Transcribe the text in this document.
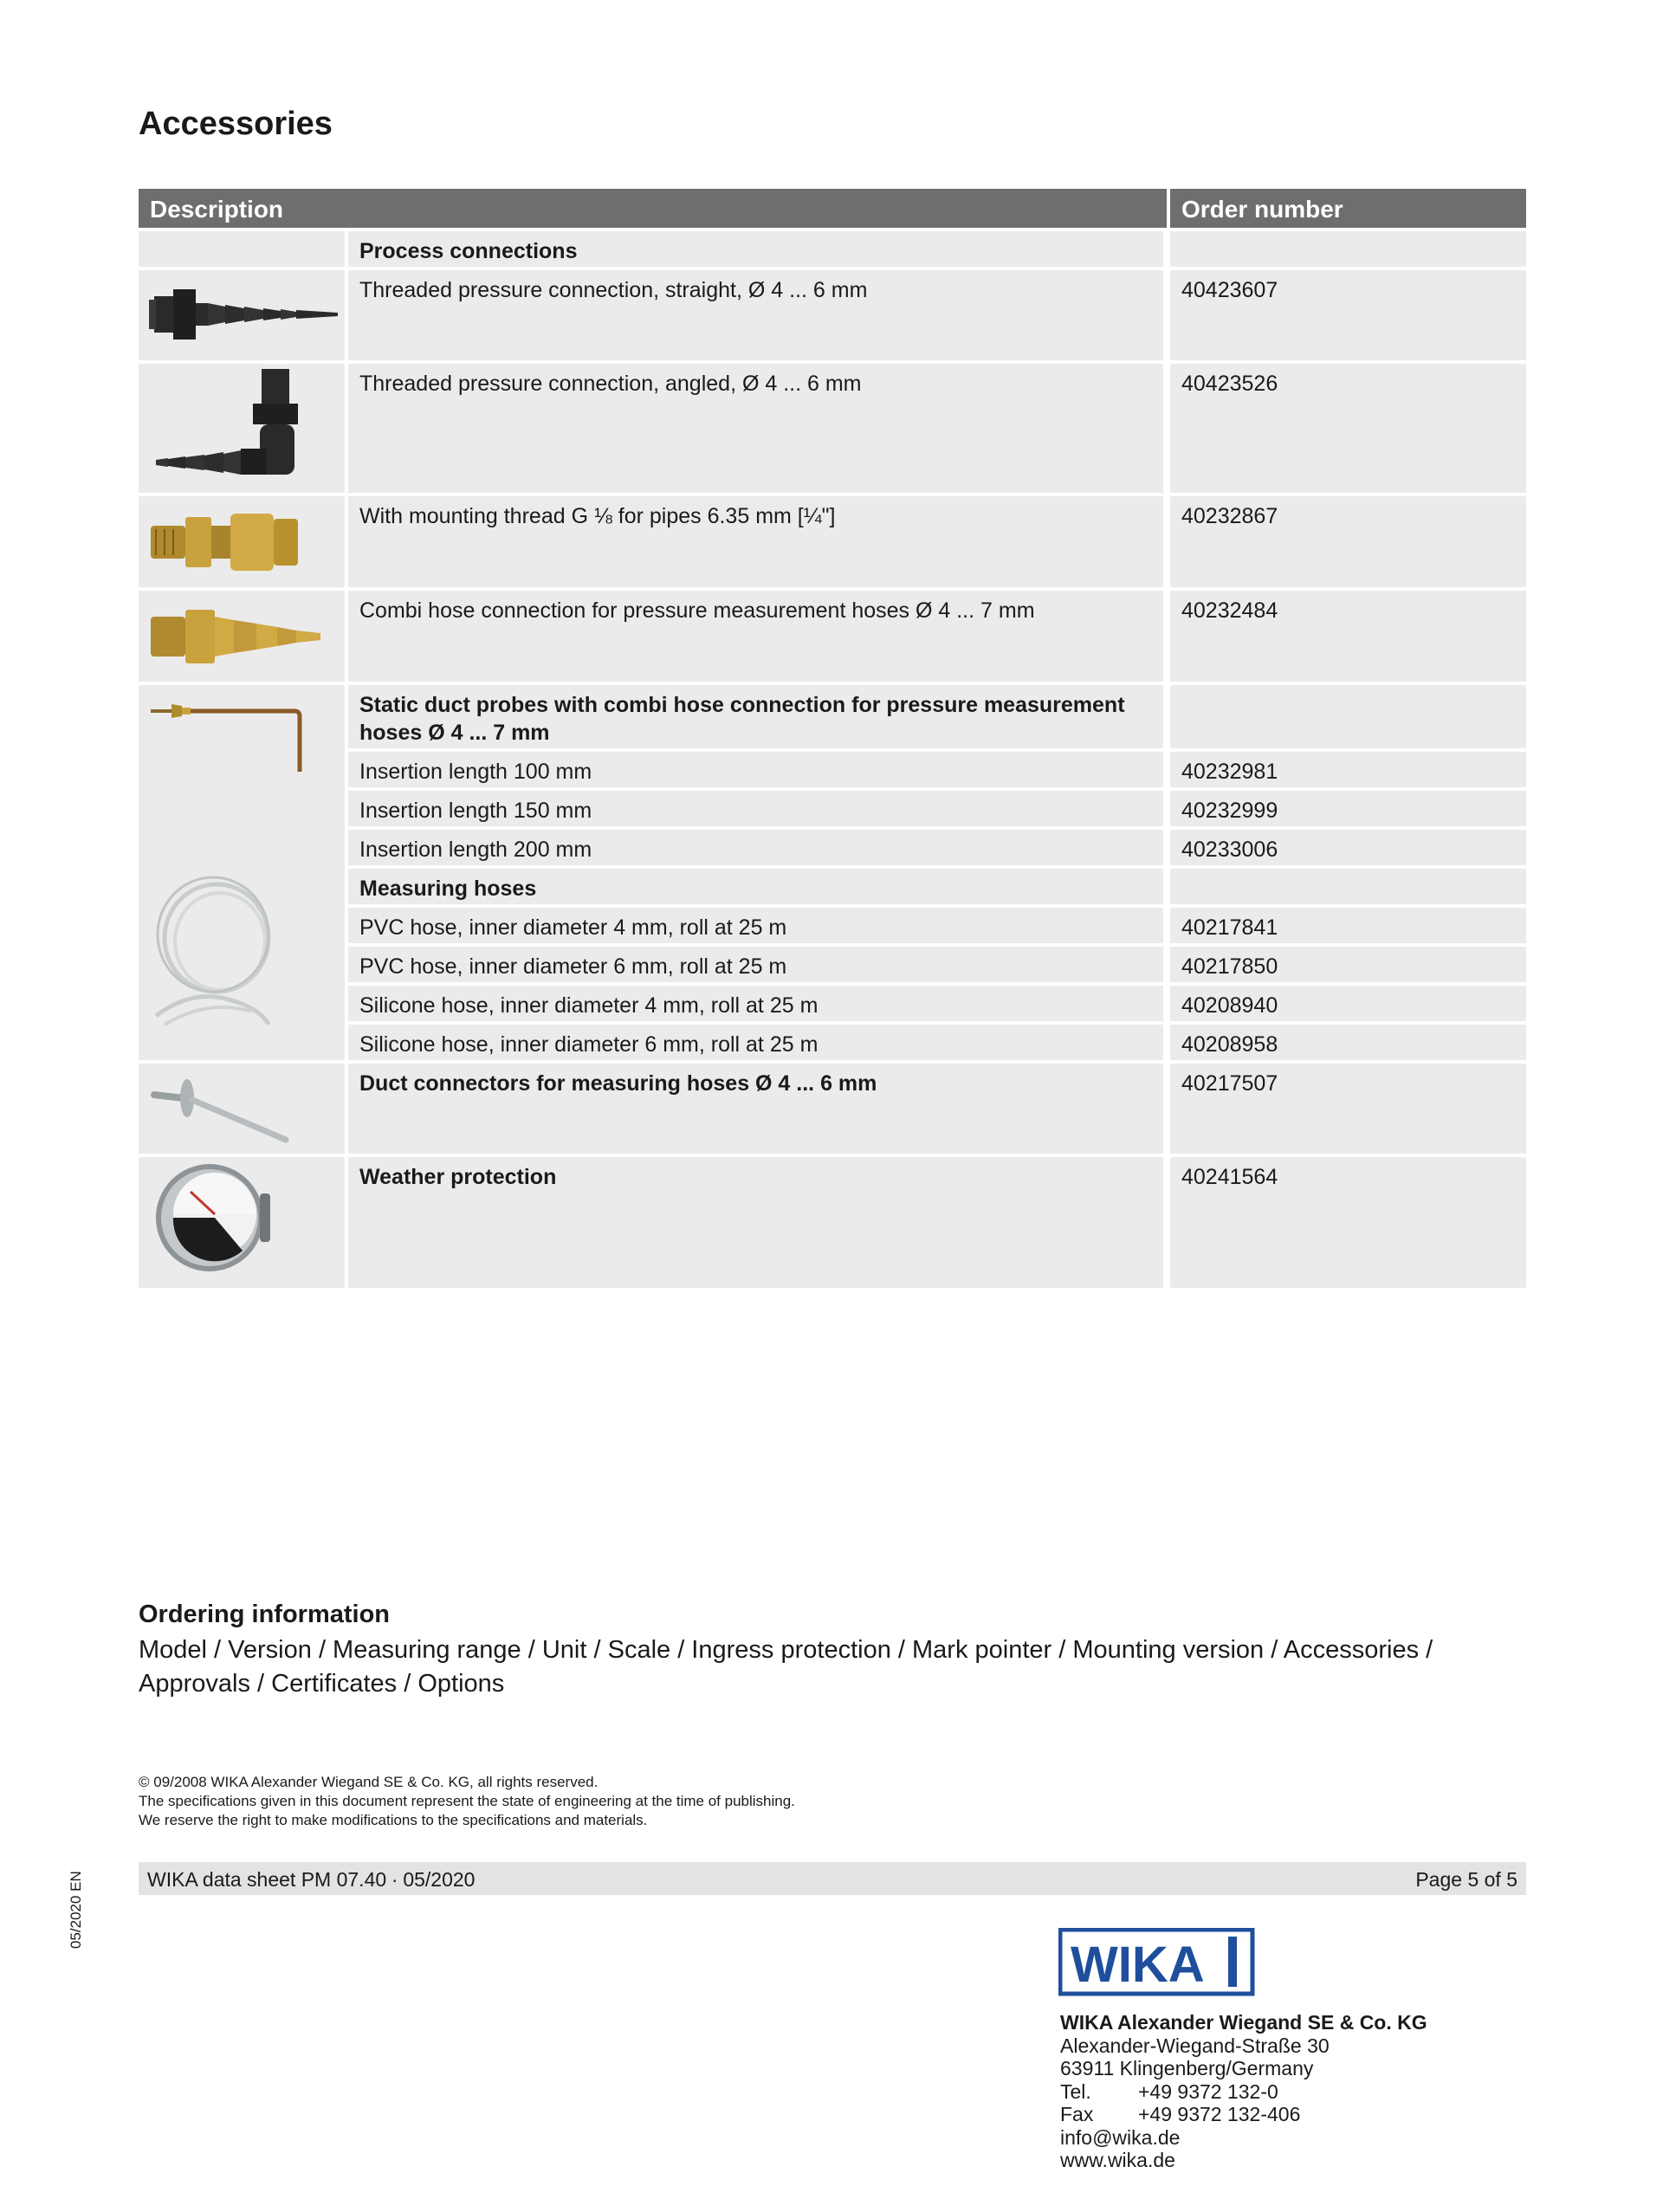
Accessories
Description	Order number
Process connections
Threaded pressure connection, straight, Ø 4 ... 6 mm	40423607
Threaded pressure connection, angled, Ø 4 ... 6 mm	40423526
With mounting thread G ⅛ for pipes 6.35 mm [¼"]	40232867
Combi hose connection for pressure measurement hoses Ø 4 ... 7 mm	40232484
Static duct probes with combi hose connection for pressure measurement hoses Ø 4 ... 7 mm
Insertion length 100 mm	40232981
Insertion length 150 mm	40232999
Insertion length 200 mm	40233006
Measuring hoses
PVC hose, inner diameter 4 mm, roll at 25 m	40217841
PVC hose, inner diameter 6 mm, roll at 25 m	40217850
Silicone hose, inner diameter 4 mm, roll at 25 m	40208940
Silicone hose, inner diameter 6 mm, roll at 25 m	40208958
Duct connectors for measuring hoses Ø 4 ... 6 mm	40217507
Weather protection	40241564
Ordering information
Model / Version / Measuring range / Unit / Scale / Ingress protection / Mark pointer / Mounting version / Accessories / Approvals / Certificates / Options
© 09/2008 WIKA Alexander Wiegand SE & Co. KG, all rights reserved.
The specifications given in this document represent the state of engineering at the time of publishing.
We reserve the right to make modifications to the specifications and materials.
WIKA data sheet PM 07.40 ∙ 05/2020	Page 5 of 5
05/2020 EN
WIKA
WIKA Alexander Wiegand SE & Co. KG
Alexander-Wiegand-Straße 30
63911 Klingenberg/Germany
Tel. +49 9372 132-0
Fax +49 9372 132-406
info@wika.de
www.wika.de
